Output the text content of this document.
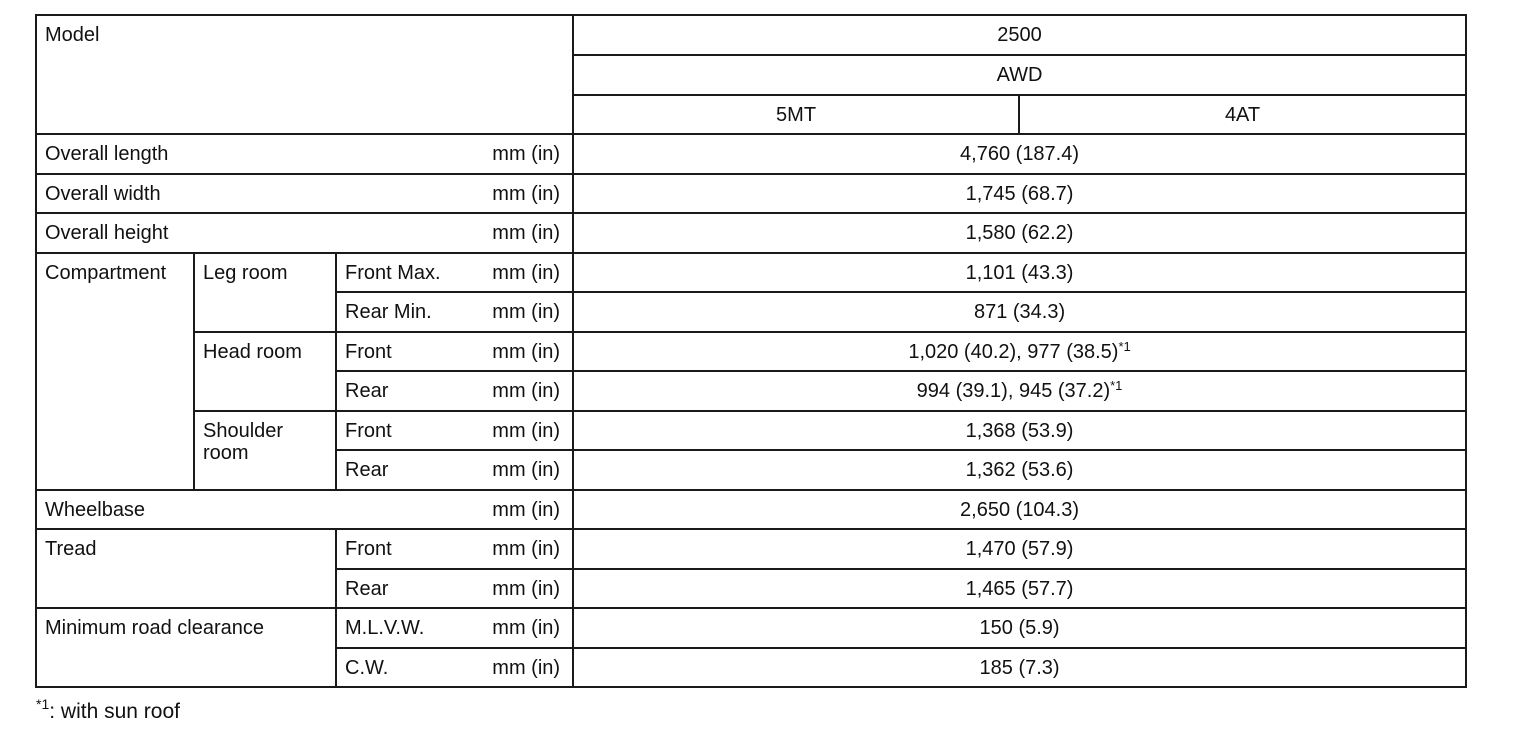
Model				2500	

				AWD	

				5MT	4AT

Overall length			mm (in)	4,760 (187.4)	

Overall width			mm (in)	1,745 (68.7)	

Overall height			mm (in)	1,580 (62.2)	

Compartment	Leg room	Front Max.	mm (in)	1,101 (43.3)	

		Rear Min.	mm (in)	871 (34.3)	

	Head room	Front	mm (in)	1,020 (40.2), 977 $(38.5)^{*1}$

		Rear	mm (in)	994 (39.1), 945 $(37.2)^{*1}$

	Shoulder room	Front	mm (in)	1,368 (53.9)	

		Rear	mm (in)	1,362 (53.6)	

Wheelbase			mm (in)	2,650 (104.3)	

Tread		Front	mm (in)	1,470 (57.9)	

		Rear	mm (in)	1,465 (57.7)	

Minimum road clearance		M.L.V.W.	mm (in)	150 (5.9)	

		C.W.	mm (in)	185 (7.3)	
$^{*1}$: with sun roof
